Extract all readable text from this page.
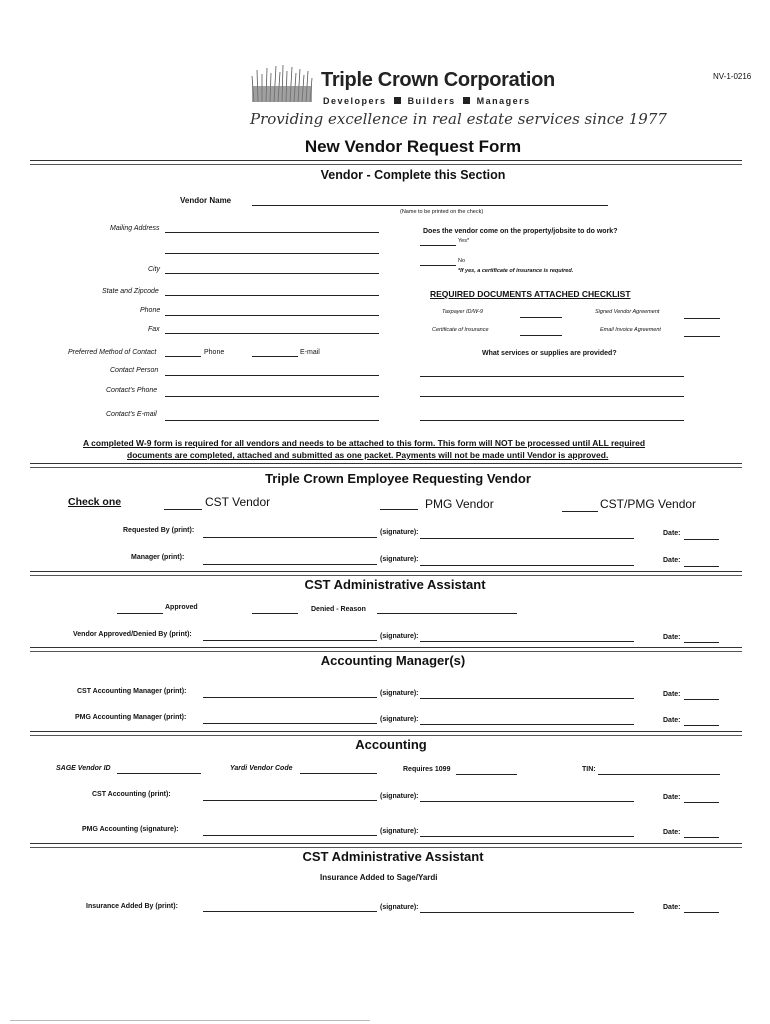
NV-1-0216
Triple Crown Corporation
Developers Builders Managers
Providing excellence in real estate services since 1977
New Vendor Request Form
Vendor - Complete this Section
Vendor Name
(Name to be printed on the check)
Mailing Address
City
State and Zipcode
Phone
Fax
Preferred Method of Contact	Phone	E-mail
Contact Person
Contact's Phone
Contact's E-mail
Does the vendor come on the property/jobsite to do work?
Yes*
No
*If yes, a certificate of insurance is required.
REQUIRED DOCUMENTS ATTACHED CHECKLIST
Taxpayer ID/W-9
Certificate of Insurance
Signed Vendor Agreement
Email Invoice Agreement
What services or supplies are provided?
A completed W-9 form is required for all vendors and needs to be attached to this form. This form will NOT be processed until ALL required
documents are completed, attached and submitted as one packet. Payments will not be made until Vendor is approved.
Triple Crown Employee Requesting Vendor
Check one	CST Vendor	PMG Vendor	CST/PMG Vendor
Requested By (print):	(signature):	Date:
Manager (print):	(signature):	Date:
CST Administrative Assistant
Approved	Denied - Reason
Vendor Approved/Denied By (print):	(signature):	Date:
Accounting Manager(s)
CST Accounting Manager (print):	(signature):	Date:
PMG Accounting Manager (print):	(signature):	Date:
Accounting
SAGE Vendor ID	Yardi Vendor Code	Requires 1099	TIN:
CST Accounting (print):	(signature):	Date:
PMG Accounting (signature):	(signature):	Date:
CST Administrative Assistant
Insurance Added to Sage/Yardi
Insurance Added By (print):	(signature):	Date:
